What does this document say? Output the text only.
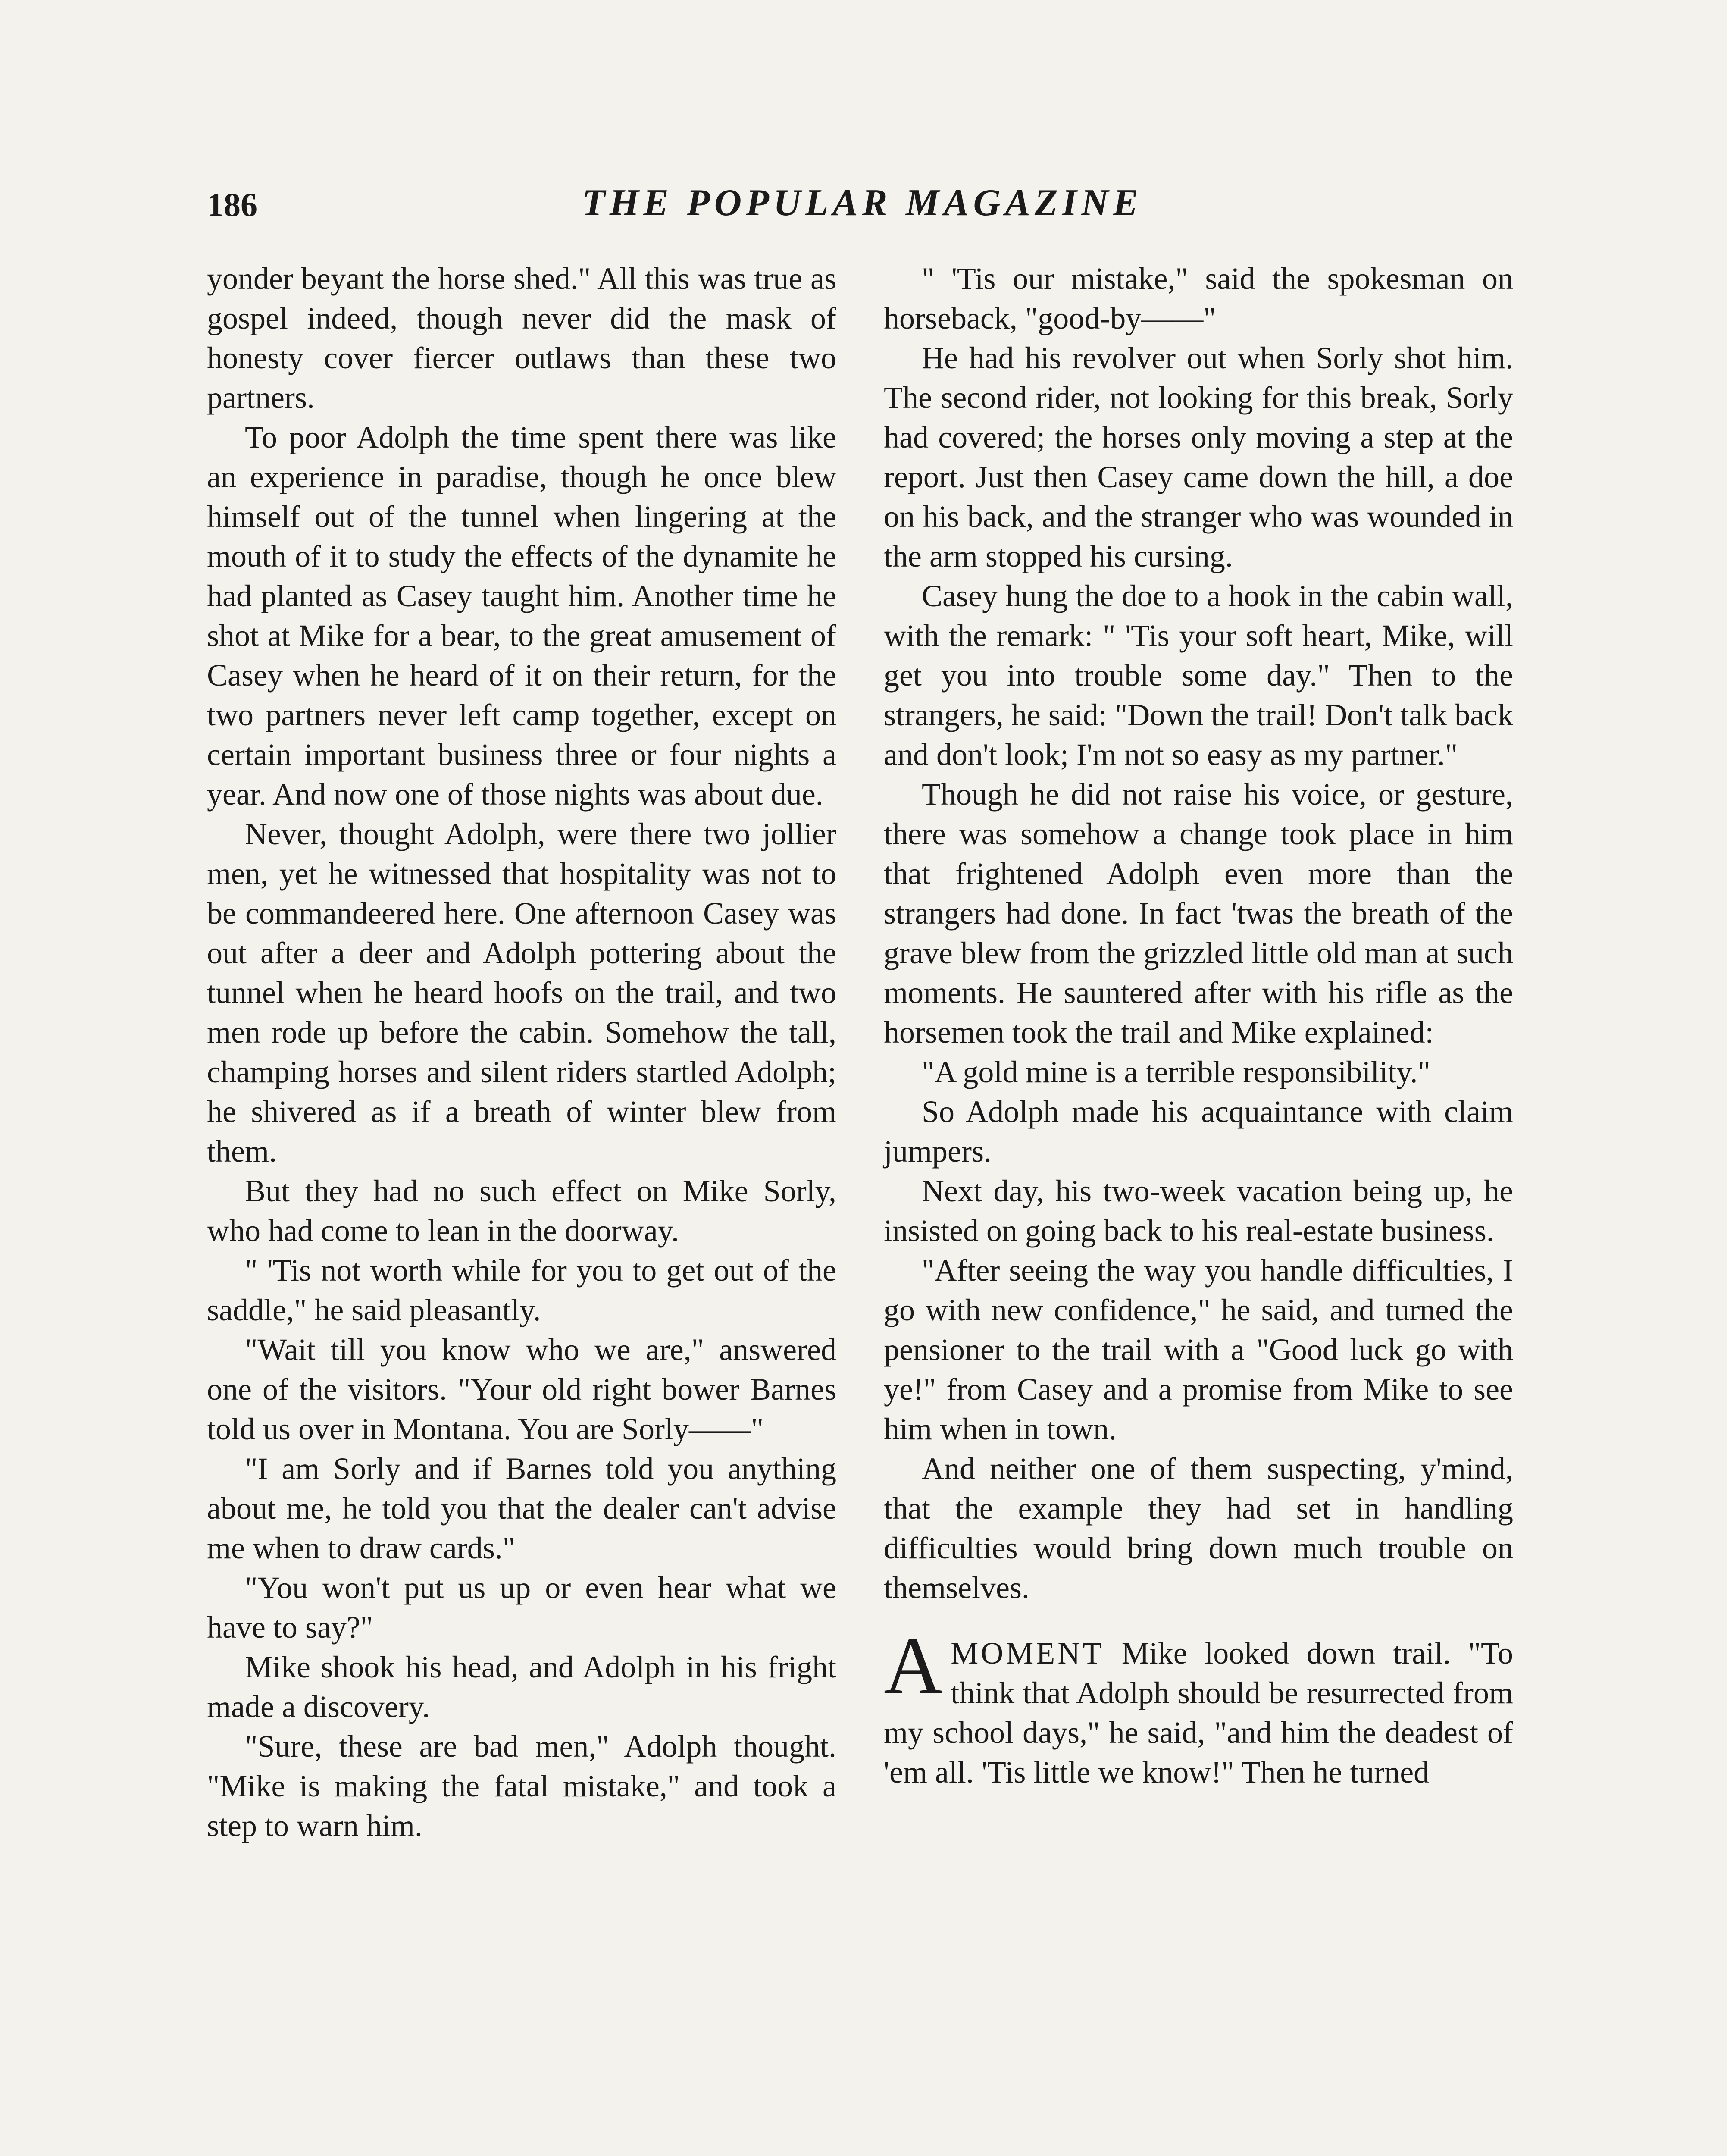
186	THE POPULAR MAGAZINE

yonder beyant the horse shed." All this was true as gospel indeed, though never did the mask of honesty cover fiercer outlaws than these two partners.

To poor Adolph the time spent there was like an experience in paradise, though he once blew himself out of the tunnel when lingering at the mouth of it to study the effects of the dynamite he had planted as Casey taught him. Another time he shot at Mike for a bear, to the great amusement of Casey when he heard of it on their return, for the two partners never left camp together, except on certain important business three or four nights a year. And now one of those nights was about due.

Never, thought Adolph, were there two jollier men, yet he witnessed that hospitality was not to be commandeered here. One afternoon Casey was out after a deer and Adolph pottering about the tunnel when he heard hoofs on the trail, and two men rode up before the cabin. Somehow the tall, champing horses and silent riders startled Adolph; he shivered as if a breath of winter blew from them.

But they had no such effect on Mike Sorly, who had come to lean in the doorway.

" 'Tis not worth while for you to get out of the saddle," he said pleasantly.

"Wait till you know who we are," answered one of the visitors. "Your old right bower Barnes told us over in Montana. You are Sorly——"

"I am Sorly and if Barnes told you anything about me, he told you that the dealer can't advise me when to draw cards."

"You won't put us up or even hear what we have to say?"

Mike shook his head, and Adolph in his fright made a discovery.

"Sure, these are bad men," Adolph thought. "Mike is making the fatal mistake," and took a step to warn him.

" 'Tis our mistake," said the spokesman on horseback, "good-by——"

He had his revolver out when Sorly shot him. The second rider, not looking for this break, Sorly had covered; the horses only moving a step at the report. Just then Casey came down the hill, a doe on his back, and the stranger who was wounded in the arm stopped his cursing.

Casey hung the doe to a hook in the cabin wall, with the remark: " 'Tis your soft heart, Mike, will get you into trouble some day." Then to the strangers, he said: "Down the trail! Don't talk back and don't look; I'm not so easy as my partner."

Though he did not raise his voice, or gesture, there was somehow a change took place in him that frightened Adolph even more than the strangers had done. In fact 'twas the breath of the grave blew from the grizzled little old man at such moments. He sauntered after with his rifle as the horsemen took the trail and Mike explained:

"A gold mine is a terrible responsibility."

So Adolph made his acquaintance with claim jumpers.

Next day, his two-week vacation being up, he insisted on going back to his real-estate business.

"After seeing the way you handle difficulties, I go with new confidence," he said, and turned the pensioner to the trail with a "Good luck go with ye!" from Casey and a promise from Mike to see him when in town.

And neither one of them suspecting, y'mind, that the example they had set in handling difficulties would bring down much trouble on themselves.

AMOMENT Mike looked down trail. "To think that Adolph should be resurrected from my school days," he said, "and him the deadest of 'em all. 'Tis little we know!" Then he turned
